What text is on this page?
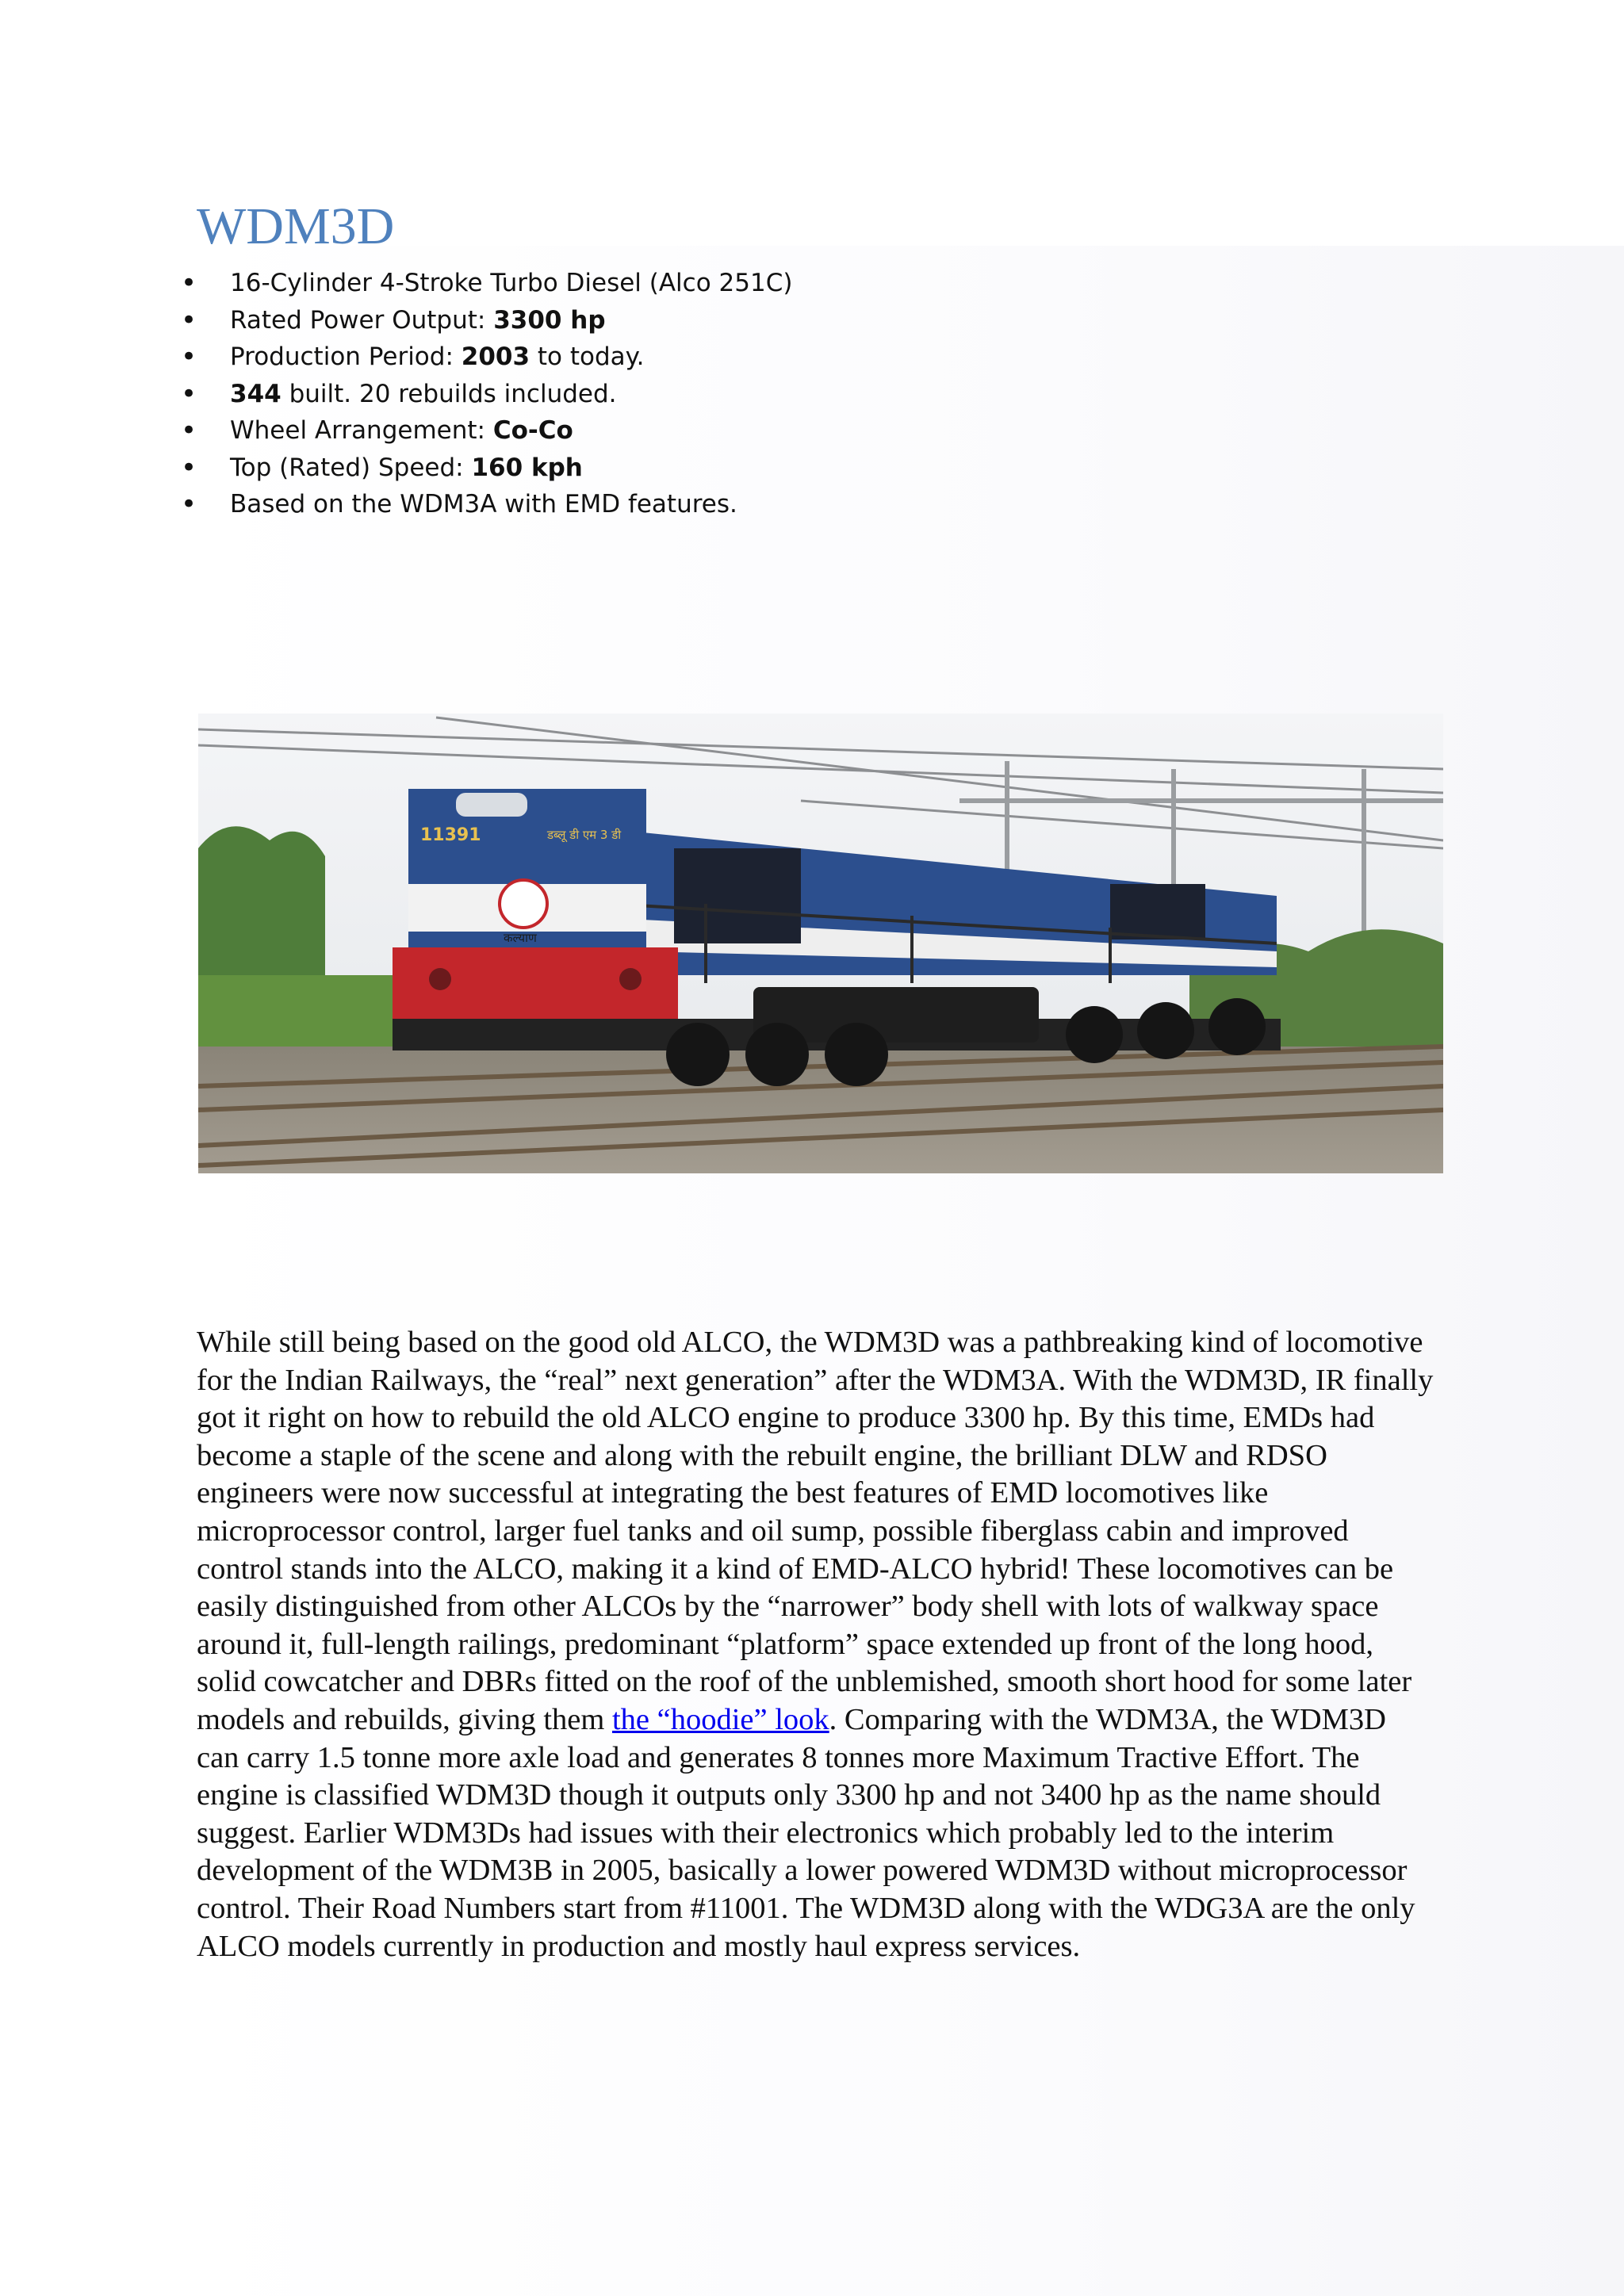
WDM3D
• 16-Cylinder 4-Stroke Turbo Diesel (Alco 251C)
• Rated Power Output: 3300 hp
• Production Period: 2003 to today.
• 344 built. 20 rebuilds included.
• Wheel Arrangement: Co-Co
• Top (Rated) Speed: 160 kph
• Based on the WDM3A with EMD features.
11391	डब्लू डी एम 3 डी
कल्याण

While still being based on the good old ALCO, the WDM3D was a pathbreaking kind of locomotive for the Indian Railways, the “real” next generation” after the WDM3A. With the WDM3D, IR finally got it right on how to rebuild the old ALCO engine to produce 3300 hp. By this time, EMDs had become a staple of the scene and along with the rebuilt engine, the brilliant DLW and RDSO engineers were now successful at integrating the best features of EMD locomotives like microprocessor control, larger fuel tanks and oil sump, possible fiberglass cabin and improved control stands into the ALCO, making it a kind of EMD-ALCO hybrid! These locomotives can be easily distinguished from other ALCOs by the “narrower” body shell with lots of walkway space around it, full-length railings, predominant “platform” space extended up front of the long hood, solid cowcatcher and DBRs fitted on the roof of the unblemished, smooth short hood for some later models and rebuilds, giving them the “hoodie” look. Comparing with the WDM3A, the WDM3D can carry 1.5 tonne more axle load and generates 8 tonnes more Maximum Tractive Effort. The engine is classified WDM3D though it outputs only 3300 hp and not 3400 hp as the name should suggest. Earlier WDM3Ds had issues with their electronics which probably led to the interim development of the WDM3B in 2005, basically a lower powered WDM3D without microprocessor control. Their Road Numbers start from #11001. The WDM3D along with the WDG3A are the only ALCO models currently in production and mostly haul express services.
